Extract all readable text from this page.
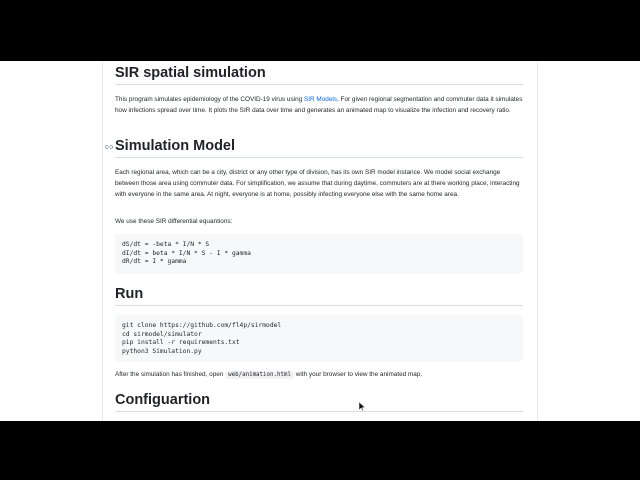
SIR spatial simulation

This program simulates epidemiology of the COVID-19 virus using SIR Models. For given regional segmentation and commuter data it simulates how infections spread over time. It plots the SIR data over time and generates an animated map to visualize the infection and recovery ratio.

Simulation Model

Each regional area, which can be a city, district or any other type of division, has its own SIR model instance. We model social exchange between those area using commuter data. For simplification, we assume that during daytime, commuters are at there working place, interacting with everyone in the same area. At night, everyone is at home, possibly infecting everyone else with the same home area.

We use these SIR differential equantions:

dS/dt = -beta * I/N * S
dI/dt = beta * I/N * S - I * gamma
dR/dt = I * gamma
Run
git clone https://github.com/fl4p/sirmodel
cd sirmodel/simulator
pip install -r requirements.txt
python3 Simulation.py

After the simulation has finished, open web/animation.html with your browser to view the animated map.

Configuartion
